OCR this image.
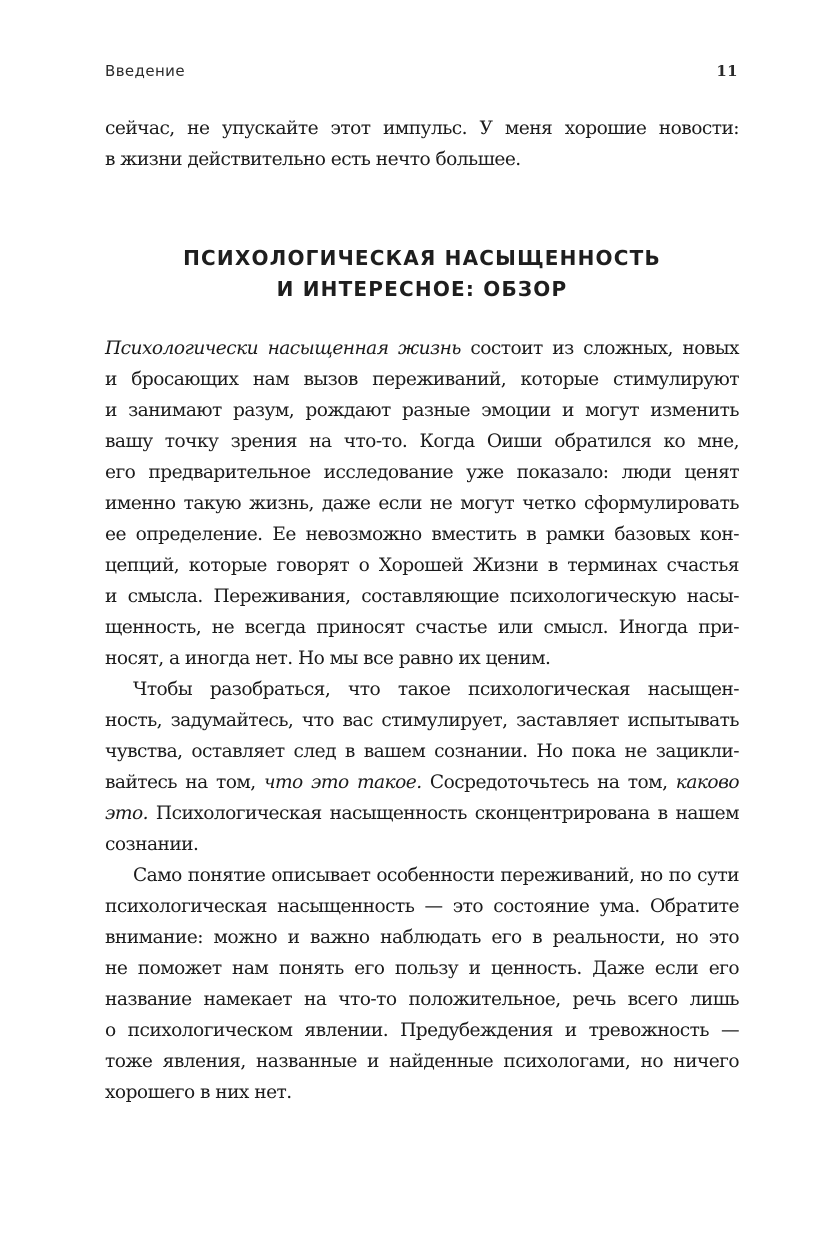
Введение	11
сейчас, не упускайте этот импульс. У меня хорошие новости:
в жизни действительно есть нечто большее.
ПСИХОЛОГИЧЕСКАЯ НАСЫЩЕННОСТЬ
И ИНТЕРЕСНОЕ: ОБЗОР
Психологически насыщенная жизнь состоит из сложных, новых
и бросающих нам вызов переживаний, которые стимулируют
и занимают разум, рождают разные эмоции и могут изменить
вашу точку зрения на что-то. Когда Оиши обратился ко мне,
его предварительное исследование уже показало: люди ценят
именно такую жизнь, даже если не могут четко сформулировать
ее определение. Ее невозможно вместить в рамки базовых кон-
цепций, которые говорят о Хорошей Жизни в терминах счастья
и смысла. Переживания, составляющие психологическую насы-
щенность, не всегда приносят счастье или смысл. Иногда при-
носят, а иногда нет. Но мы все равно их ценим.
Чтобы разобраться, что такое психологическая насыщен-
ность, задумайтесь, что вас стимулирует, заставляет испытывать
чувства, оставляет след в вашем сознании. Но пока не зацикли-
вайтесь на том, что это такое. Сосредоточьтесь на том, каково
это. Психологическая насыщенность сконцентрирована в нашем
сознании.
Само понятие описывает особенности переживаний, но по сути
психологическая насыщенность — это состояние ума. Обратите
внимание: можно и важно наблюдать его в реальности, но это
не поможет нам понять его пользу и ценность. Даже если его
название намекает на что-то положительное, речь всего лишь
о психологическом явлении. Предубеждения и тревожность —
тоже явления, названные и найденные психологами, но ничего
хорошего в них нет.
